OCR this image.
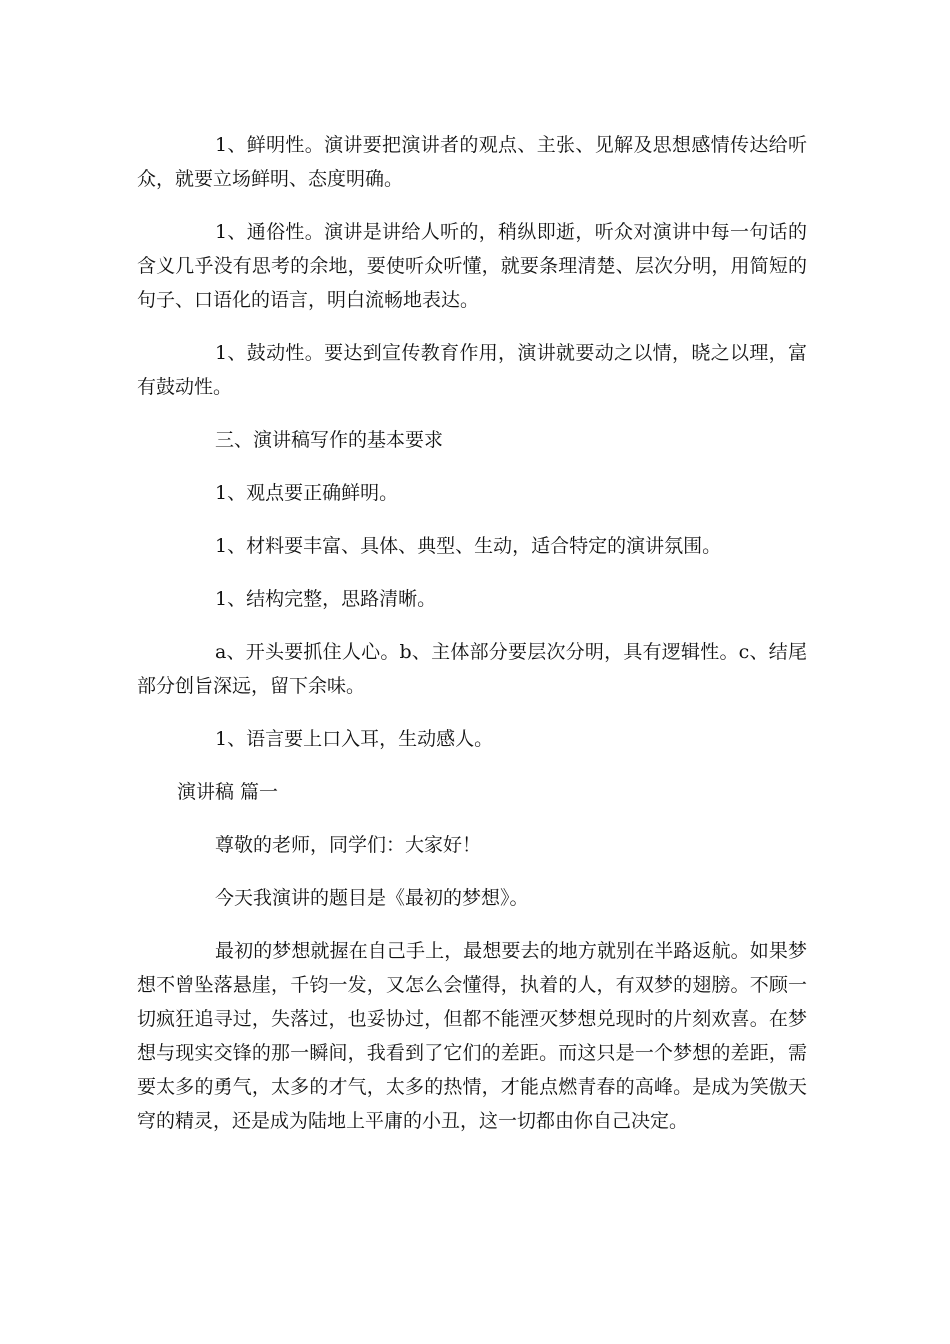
1、鲜明性。演讲要把演讲者的观点、主张、见解及思想感情传达给听众，就要立场鲜明、态度明确。

1、通俗性。演讲是讲给人听的，稍纵即逝，听众对演讲中每一句话的含义几乎没有思考的余地，要使听众听懂，就要条理清楚、层次分明，用简短的句子、口语化的语言，明白流畅地表达。

1、鼓动性。要达到宣传教育作用，演讲就要动之以情，晓之以理，富有鼓动性。

三、演讲稿写作的基本要求

1、观点要正确鲜明。

1、材料要丰富、具体、典型、生动，适合特定的演讲氛围。

1、结构完整，思路清晰。

a、开头要抓住人心。b、主体部分要层次分明，具有逻辑性。c、结尾部分创旨深远，留下余味。

1、语言要上口入耳，生动感人。

演讲稿 篇一

尊敬的老师，同学们：大家好！

今天我演讲的题目是《最初的梦想》。

最初的梦想就握在自己手上，最想要去的地方就别在半路返航。如果梦想不曾坠落悬崖，千钧一发，又怎么会懂得，执着的人，有双梦的翅膀。不顾一切疯狂追寻过，失落过，也妥协过，但都不能湮灭梦想兑现时的片刻欢喜。在梦想与现实交锋的那一瞬间，我看到了它们的差距。而这只是一个梦想的差距，需要太多的勇气，太多的才气，太多的热情，才能点燃青春的高峰。是成为笑傲天穹的精灵，还是成为陆地上平庸的小丑，这一切都由你自己决定。
